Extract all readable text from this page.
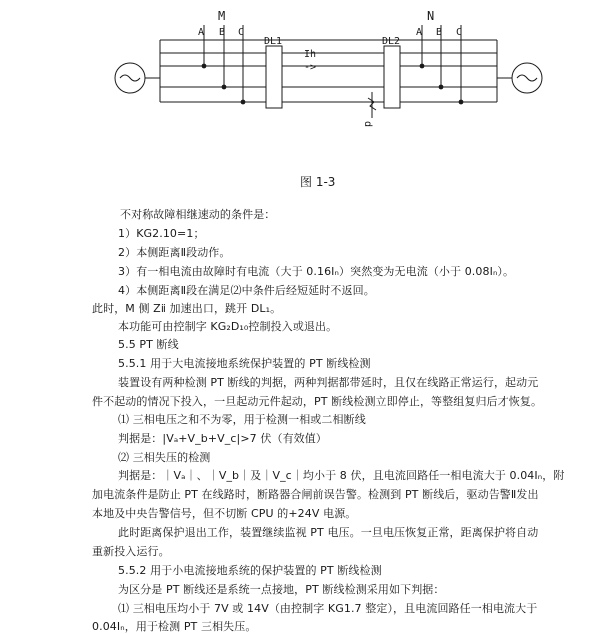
M
A B C
N
A B C
DL1	DL2
Ih
->
d
图 1-3
不对称故障相继速动的条件是：
1）KG2.10=1；
2）本侧距离Ⅱ段动作。
3）有一相电流由故障时有电流（大于 0.16Iₙ）突然变为无电流（小于 0.08Iₙ）。
4）本侧距离Ⅱ段在满足⑵中条件后经短延时不返回。
此时，M 侧 Zⅱ 加速出口，跳开 DL₁。
本功能可由控制字 KG₂D₁₀控制投入或退出。
5.5 PT 断线
5.5.1 用于大电流接地系统保护装置的 PT 断线检测
装置设有两种检测 PT 断线的判据，两种判据都带延时，且仅在线路正常运行，起动元
件不起动的情况下投入，一旦起动元件起动，PT 断线检测立即停止，等整组复归后才恢复。
⑴ 三相电压之和不为零，用于检测一相或二相断线
判据是：|Vₐ+V_b+V_c|>7 伏（有效值）
⑵ 三相失压的检测
判据是：｜Vₐ｜、｜V_b｜及｜V_c｜均小于 8 伏，且电流回路任一相电流大于 0.04Iₙ，附
加电流条件是防止 PT 在线路时，断路器合闸前误告警。检测到 PT 断线后，驱动告警Ⅱ发出
本地及中央告警信号，但不切断 CPU 的+24V 电源。
此时距离保护退出工作，装置继续监视 PT 电压。一旦电压恢复正常，距离保护将自动
重新投入运行。
5.5.2 用于小电流接地系统的保护装置的 PT 断线检测
为区分是 PT 断线还是系统一点接地，PT 断线检测采用如下判据：
⑴ 三相电压均小于 7V 或 14V（由控制字 KG1.7 整定），且电流回路任一相电流大于
0.04Iₙ，用于检测 PT 三相失压。
